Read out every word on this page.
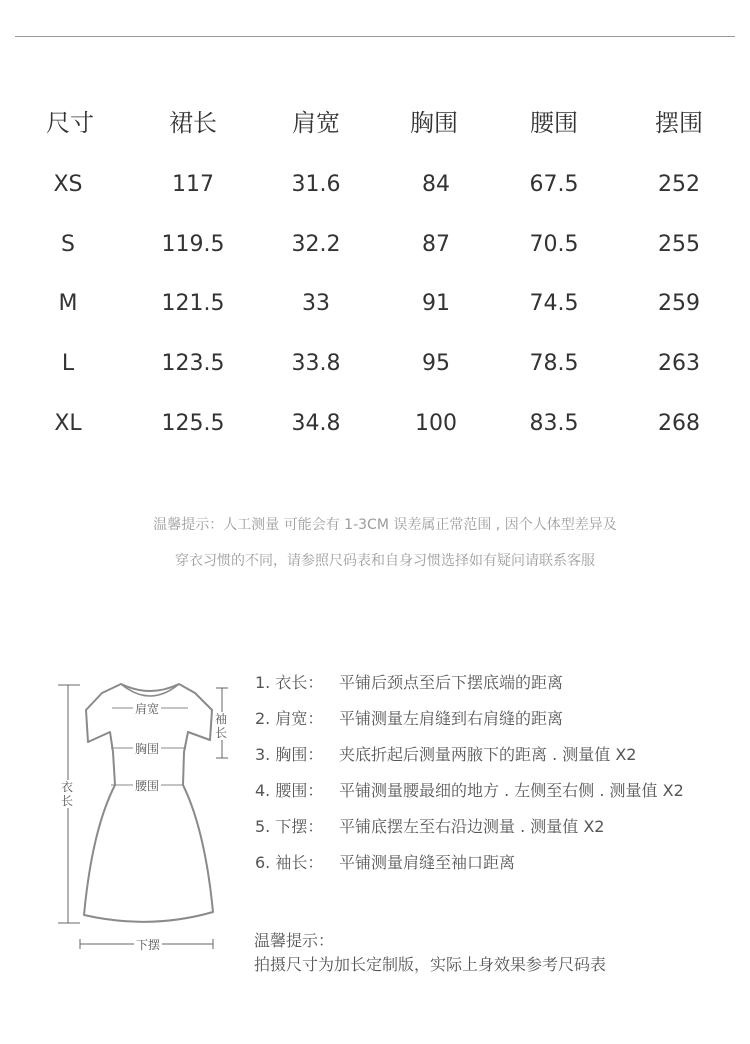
尺寸	裙长	肩宽	胸围	腰围	摆围
XS	117	31.6	84	67.5	252
S	119.5	32.2	87	70.5	255
M	121.5	33	91	74.5	259
L	123.5	33.8	95	78.5	263
XL	125.5	34.8	100	83.5	268
温馨提示：人工测量 可能会有 1-3CM 误差属正常范围 , 因个人体型差异及
穿衣习惯的不同，请参照尺码表和自身习惯选择如有疑问请联系客服
肩宽
胸围
腰围
下摆
衣长
袖长
1. 衣长： 平铺后颈点至后下摆底端的距离
2. 肩宽： 平铺测量左肩缝到右肩缝的距离
3. 胸围： 夹底折起后测量两腋下的距离 . 测量值 X2
4. 腰围： 平铺测量腰最细的地方 . 左侧至右侧 . 测量值 X2
5. 下摆： 平铺底摆左至右沿边测量 . 测量值 X2
6. 袖长： 平铺测量肩缝至袖口距离
温馨提示：
拍摄尺寸为加长定制版，实际上身效果参考尺码表
